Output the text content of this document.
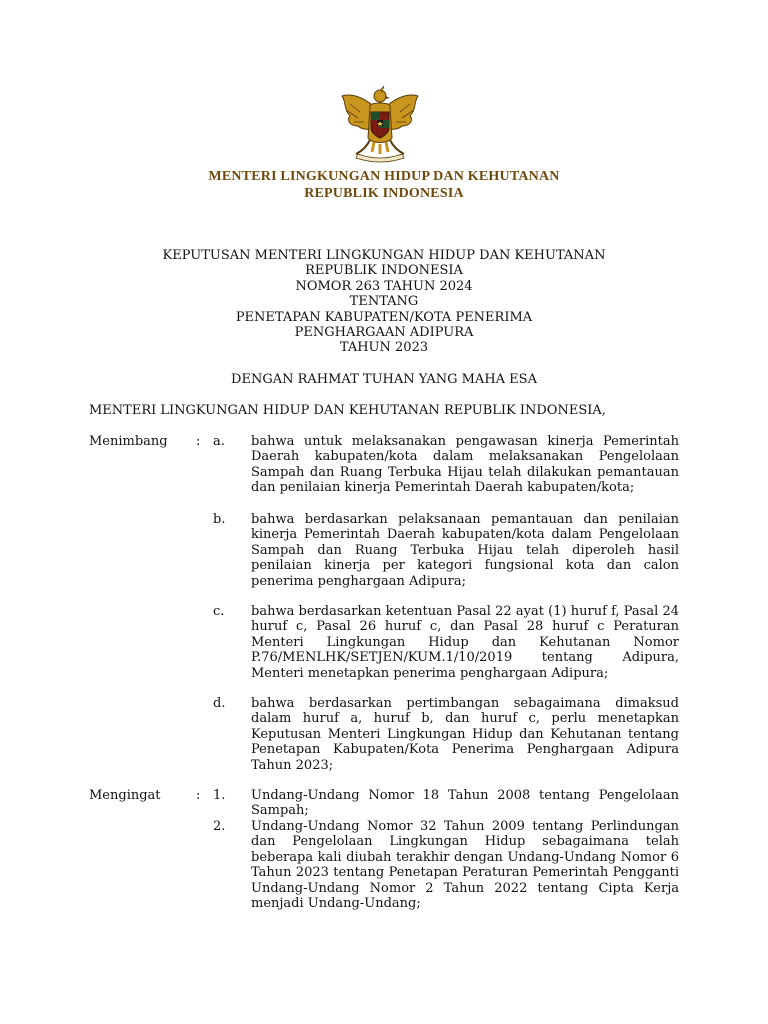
MENTERI LINGKUNGAN HIDUP DAN KEHUTANAN
REPUBLIK INDONESIA
KEPUTUSAN MENTERI LINGKUNGAN HIDUP DAN KEHUTANAN
REPUBLIK INDONESIA
NOMOR 263 TAHUN 2024
TENTANG
PENETAPAN KABUPATEN/KOTA PENERIMA
PENGHARGAAN ADIPURA
TAHUN 2023
DENGAN RAHMAT TUHAN YANG MAHA ESA
MENTERI LINGKUNGAN HIDUP DAN KEHUTANAN REPUBLIK INDONESIA,
Menimbang : a. bahwa untuk melaksanakan pengawasan kinerja Pemerintah Daerah kabupaten/kota dalam melaksanakan Pengelolaan Sampah dan Ruang Terbuka Hijau telah dilakukan pemantauan dan penilaian kinerja Pemerintah Daerah kabupaten/kota;
b. bahwa berdasarkan pelaksanaan pemantauan dan penilaian kinerja Pemerintah Daerah kabupaten/kota dalam Pengelolaan Sampah dan Ruang Terbuka Hijau telah diperoleh hasil penilaian kinerja per kategori fungsional kota dan calon penerima penghargaan Adipura;
c. bahwa berdasarkan ketentuan Pasal 22 ayat (1) huruf f, Pasal 24 huruf c, Pasal 26 huruf c, dan Pasal 28 huruf c Peraturan Menteri Lingkungan Hidup dan Kehutanan Nomor P.76/MENLHK/SETJEN/KUM.1/10/2019 tentang Adipura, Menteri menetapkan penerima penghargaan Adipura;
d. bahwa berdasarkan pertimbangan sebagaimana dimaksud dalam huruf a, huruf b, dan huruf c, perlu menetapkan Keputusan Menteri Lingkungan Hidup dan Kehutanan tentang Penetapan Kabupaten/Kota Penerima Penghargaan Adipura Tahun 2023;
Mengingat	: 1. Undang-Undang Nomor 18 Tahun 2008 tentang Pengelolaan Sampah;
2. Undang-Undang Nomor 32 Tahun 2009 tentang Perlindungan dan Pengelolaan Lingkungan Hidup sebagaimana telah beberapa kali diubah terakhir dengan Undang-Undang Nomor 6 Tahun 2023 tentang Penetapan Peraturan Pemerintah Pengganti Undang-Undang Nomor 2 Tahun 2022 tentang Cipta Kerja menjadi Undang-Undang;
